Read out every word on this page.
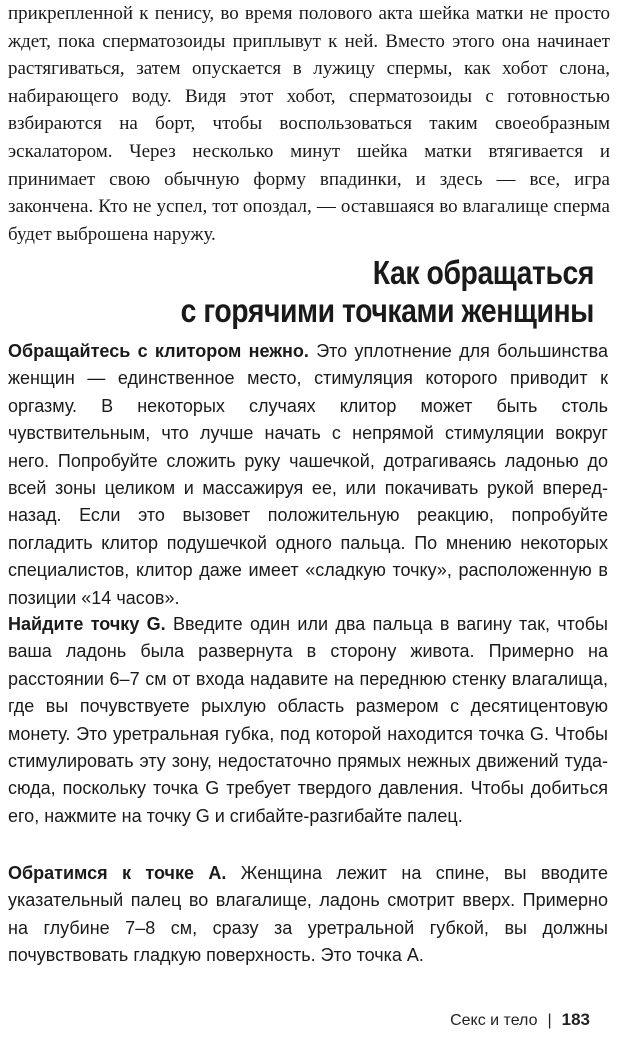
прикрепленной к пенису, во время полового акта шейка матки не просто ждет, пока сперматозоиды приплывут к ней. Вместо этого она начинает растягиваться, затем опускается в лужицу спермы, как хобот слона, набирающего воду. Видя этот хобот, сперматозоиды с готовностью взбираются на борт, чтобы воспользоваться таким своеобразным эскалатором. Через несколько минут шейка матки втягивается и принимает свою обычную форму впадинки, и здесь — все, игра закончена. Кто не успел, тот опоздал, — оставшаяся во влагалище сперма будет выброшена наружу.

Как обращаться
с горячими точками женщины

Обращайтесь с клитором нежно. Это уплотнение для большинства женщин — единственное место, стимуляция которого приводит к оргазму. В некоторых случаях клитор может быть столь чувствительным, что лучше начать с непрямой стимуляции вокруг него. Попробуйте сложить руку чашечкой, дотрагиваясь ладонью до всей зоны целиком и массажируя ее, или покачивать рукой вперед-назад. Если это вызовет положительную реакцию, попробуйте погладить клитор подушечкой одного пальца. По мнению некоторых специалистов, клитор даже имеет «сладкую точку», расположенную в позиции «14 часов».

Найдите точку G. Введите один или два пальца в вагину так, чтобы ваша ладонь была развернута в сторону живота. Примерно на расстоянии 6–7 см от входа надавите на переднюю стенку влагалища, где вы почувствуете рыхлую область размером с десятицентовую монету. Это уретральная губка, под которой находится точка G. Чтобы стимулировать эту зону, недостаточно прямых нежных движений туда-сюда, поскольку точка G требует твердого давления. Чтобы добиться его, нажмите на точку G и сгибайте-разгибайте палец.

Обратимся к точке А. Женщина лежит на спине, вы вводите указательный палец во влагалище, ладонь смотрит вверх. Примерно на глубине 7–8 см, сразу за уретральной губкой, вы должны почувствовать гладкую поверхность. Это точка А.

Секс и тело | 183
